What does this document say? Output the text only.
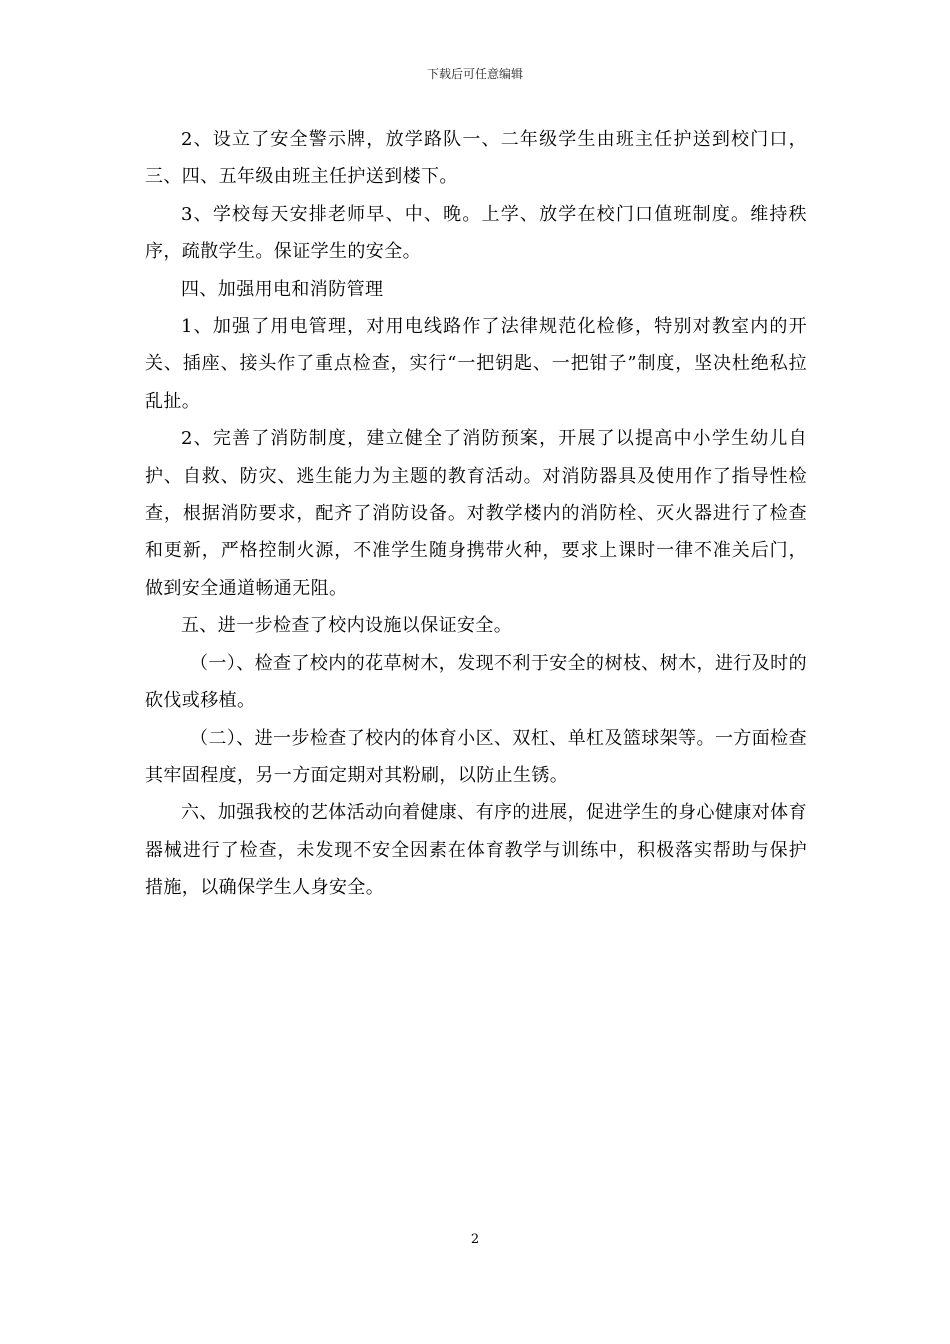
下载后可任意编辑

2、设立了安全警示牌，放学路队一、二年级学生由班主任护送到校门口，三、四、五年级由班主任护送到楼下。

3、学校每天安排老师早、中、晚。上学、放学在校门口值班制度。维持秩序，疏散学生。保证学生的安全。

四、加强用电和消防管理

1、加强了用电管理，对用电线路作了法律规范化检修，特别对教室内的开关、插座、接头作了重点检查，实行“一把钥匙、一把钳子”制度，坚决杜绝私拉乱扯。

2、完善了消防制度，建立健全了消防预案，开展了以提高中小学生幼儿自护、自救、防灾、逃生能力为主题的教育活动。对消防器具及使用作了指导性检查，根据消防要求，配齐了消防设备。对教学楼内的消防栓、灭火器进行了检查和更新，严格控制火源，不准学生随身携带火种，要求上课时一律不准关后门，做到安全通道畅通无阻。

五、进一步检查了校内设施以保证安全。

（一）、检查了校内的花草树木，发现不利于安全的树枝、树木，进行及时的砍伐或移植。

（二）、进一步检查了校内的体育小区、双杠、单杠及篮球架等。一方面检查其牢固程度，另一方面定期对其粉刷，以防止生锈。

六、加强我校的艺体活动向着健康、有序的进展，促进学生的身心健康对体育器械进行了检查，未发现不安全因素在体育教学与训练中，积极落实帮助与保护措施，以确保学生人身安全。

2
